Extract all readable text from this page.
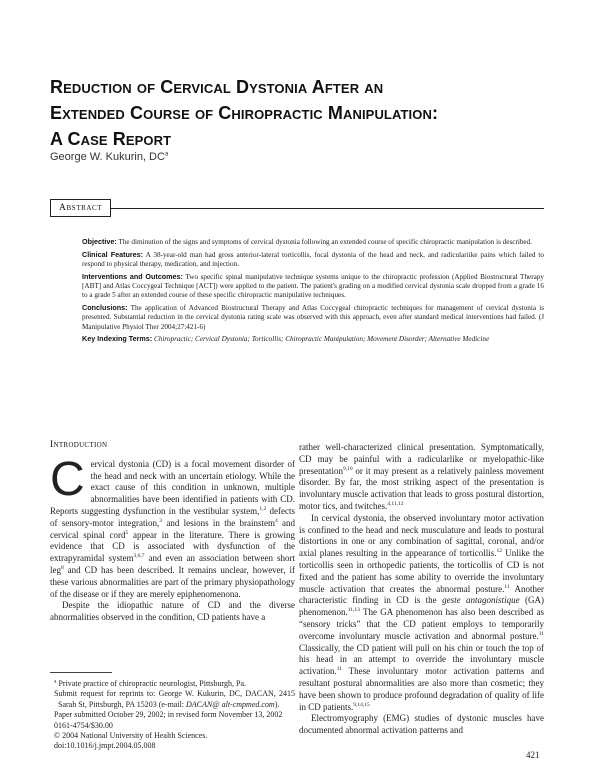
Reduction of Cervical Dystonia After an
Extended Course of Chiropractic Manipulation:
A Case Report
George W. Kukurin, $DC^a$
Abstract

Objective: The diminution of the signs and symptoms of cervical dystonia following an extended course of specific chiropractic manipulation is described.

Clinical Features: A 38-year-old man had gross anterior-lateral torticollis, focal dystonia of the head and neck, and radiculariike pains which failed to respond to physical therapy, medication, and injection.

Interventions and Outcomes: Two specific spinal manipulative technique systems unique to the chiropractic profession (Applied Biostructural Therapy [ABT] and Atlas Coccygeal Technique [ACT]) were applied to the patient. The patient's grading on a modified cervical dystonia scale dropped from a grade 16 to a grade 5 after an extended course of these specific chiropractic manipulative techniques.

Conclusions: The application of Advanced Biostructural Therapy and Atlas Coccygeal chiropractic techniques for management of cervical dystonia is presented. Substantial reduction in the cervical dystonia rating scale was observed with this approach, even after standard medical interventions had failed. (J Manipulative Physiol Ther 2004;27:421-6)

Key Indexing Terms: Chiropractic; Cervical Dystonia; Torticollis; Chiropractic Manipulation; Movement Disorder; Alternative Medicine

Introduction

Cervical dystonia (CD) is a focal movement disorder of the head and neck with an uncertain etiology. While the exact cause of this condition in unknown, multiple abnormalities have been identified in patients with CD. Reports suggesting dysfunction in the vestibular system,$^{1,2}$ defects of sensory-motor integration,$^3$ and lesions in the brainstem$^4$ and cervical spinal cord$^5$ appear in the literature. There is growing evidence that CD is associated with dysfunction of the extrapyramidal system$^{3,6,7}$ and even an association between short leg$^8$ and CD has been described. It remains unclear, however, if these various abnormalities are part of the primary physiopathology of the disease or if they are merely epiphenomenona.

Despite the idiopathic nature of CD and the diverse abnormalities observed in the condition, CD patients have a

$^a$ Private practice of chiropractic neurologist, Pittsburgh, Pa.

Submit request for reprints to: George W. Kukurin, DC, DACAN, 2415 Sarah St, Pittsburgh, PA 15203 (e-mail: DACAN@ alt-cmpmed.com).

Paper submitted October 29, 2002; in revised form November 13, 2002

0161-4754/$30.00

© 2004 National University of Health Sciences.

doi:10.1016/j.jmpt.2004.05.008

rather well-characterized clinical presentation. Symptomatically, CD may be painful with a radicularlike or myelopathic-like presentation$^{9,10}$ or it may present as a relatively painless movement disorder. By far, the most striking aspect of the presentation is involuntary muscle activation that leads to gross postural distortion, motor tics, and twitches.$^{4,11,12}$

In cervical dystonia, the observed involuntary motor activation is confined to the head and neck musculature and leads to postural distortions in one or any combination of sagittal, coronal, and/or axial planes resulting in the appearance of torticollis.$^{12}$ Unlike the torticollis seen in orthopedic patients, the torticollis of CD is not fixed and the patient has some ability to override the involuntary muscle activation that creates the abnormal posture.$^{11}$ Another characteristic finding in CD is the geste antagonistique (GA) phenomenon.$^{11,13}$ The GA phenomenon has also been described as “sensory tricks” that the CD patient employs to temporarily overcome involuntary muscle activation and abnormal posture.$^{11}$ Classically, the CD patient will pull on his chin or touch the top of his head in an attempt to override the involuntary muscle activation.$^{11}$ These involuntary motor activation patterns and resultant postural abnormalities are also more than cosmetic; they have been shown to produce profound degradation of quality of life in CD patients.$^{9,14,15}$

Electromyography (EMG) studies of dystonic muscles have documented abnormal activation patterns and

421
